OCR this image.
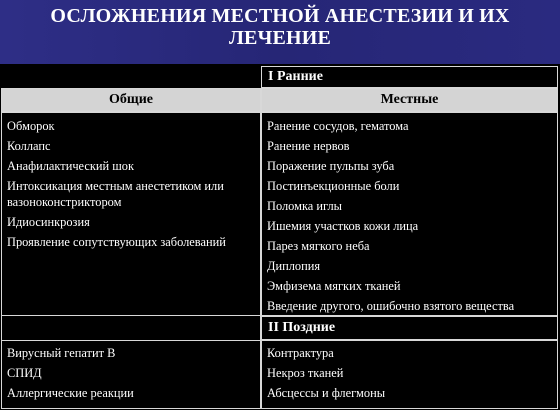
ОСЛОЖНЕНИЯ МЕСТНОЙ АНЕСТЕЗИИ И ИХ
ЛЕЧЕНИЕ
I Ранние
Общие	Местные
Обморок
Коллапс
Анафилактический шок
Интоксикация местным анестетиком или вазоноконстриктором
Идиосинкрозия
Проявление сопутствующих заболеваний
Ранение сосудов, гематома
Ранение нервов
Поражение пульпы зуба
Постинъекционные боли
Поломка иглы
Ишемия участков кожи лица
Парез мягкого неба
Диплопия
Эмфизема мягких тканей
Введение другого, ошибочно взятого вещества
II Поздние
Вирусный гепатит В
СПИД
Аллергические реакции
Контрактура
Некроз тканей
Абсцессы и флегмоны
